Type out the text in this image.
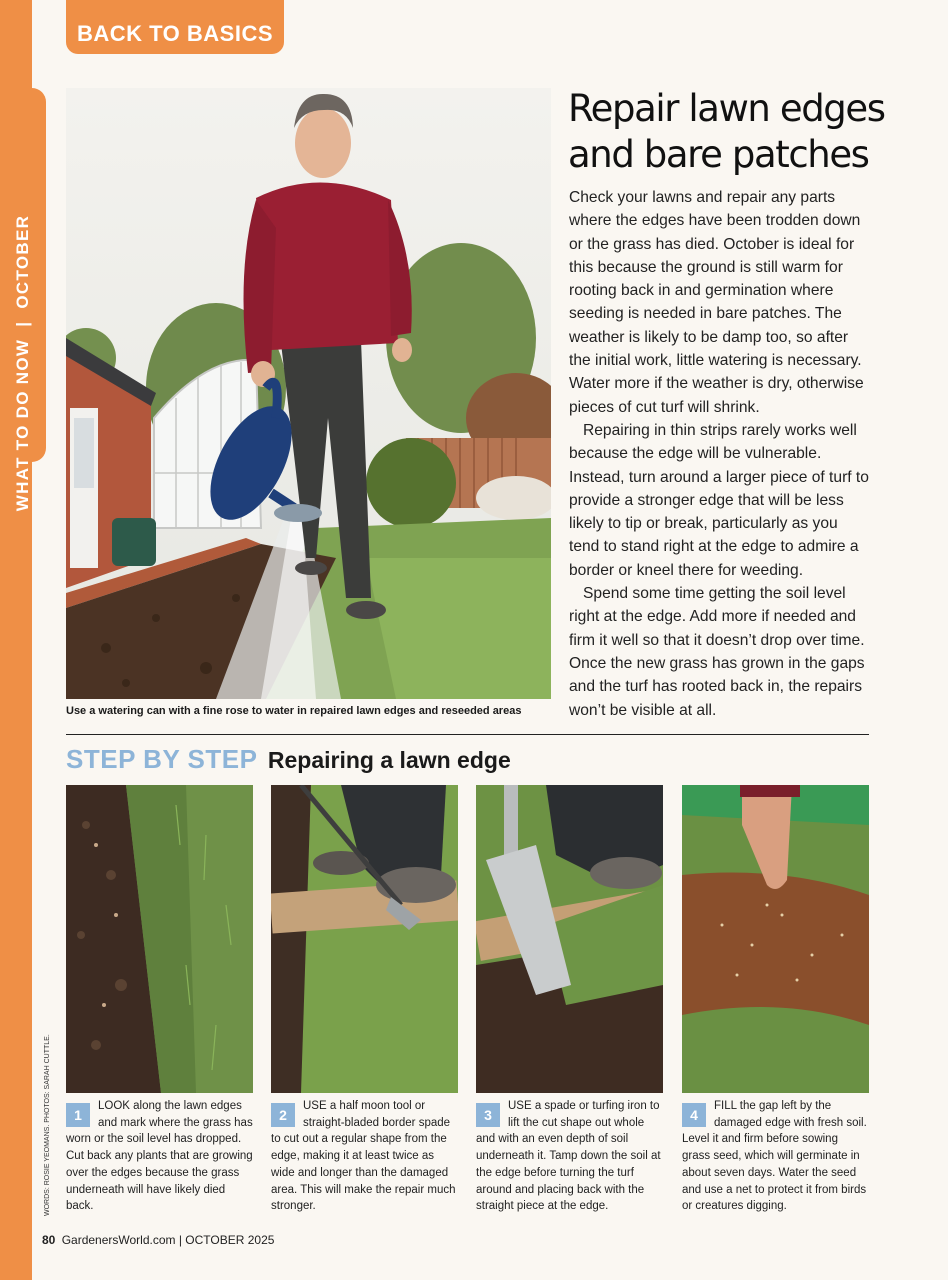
WHAT TO DO NOW  |  OCTOBER
BACK TO BASICS
Use a watering can with a fine rose to water in repaired lawn edges and reseeded areas
Repair lawn edges and bare patches

Check your lawns and repair any parts where the edges have been trodden down or the grass has died. October is ideal for this because the ground is still warm for rooting back in and germination where seeding is needed in bare patches. The weather is likely to be damp too, so after the initial work, little watering is necessary. Water more if the weather is dry, otherwise pieces of cut turf will shrink.

Repairing in thin strips rarely works well because the edge will be vulnerable. Instead, turn around a larger piece of turf to provide a stronger edge that will be less likely to tip or break, particularly as you tend to stand right at the edge to admire a border or kneel there for weeding.

Spend some time getting the soil level right at the edge. Add more if needed and firm it well so that it doesn’t drop over time. Once the new grass has grown in the gaps and the turf has rooted back in, the repairs won’t be visible at all.

STEP BY STEP Repairing a lawn edge
1
LOOK along the lawn edges and mark where the grass has worn or the soil level has dropped. Cut back any plants that are growing over the edges because the grass underneath will have likely died back.
2
USE a half moon tool or straight-bladed border spade to cut out a regular shape from the edge, making it at least twice as wide and longer than the damaged area. This will make the repair much stronger.
3
USE a spade or turfing iron to lift the cut shape out whole and with an even depth of soil underneath it. Tamp down the soil at the edge before turning the turf around and placing back with the straight piece at the edge.
4
FILL the gap left by the damaged edge with fresh soil. Level it and firm before sowing grass seed, which will germinate in about seven days. Water the seed and use a net to protect it from birds or creatures digging.
WORDS: ROSIE YEOMANS. PHOTOS: SARAH CUTTLE.
80 GardenersWorld.com | OCTOBER 2025
